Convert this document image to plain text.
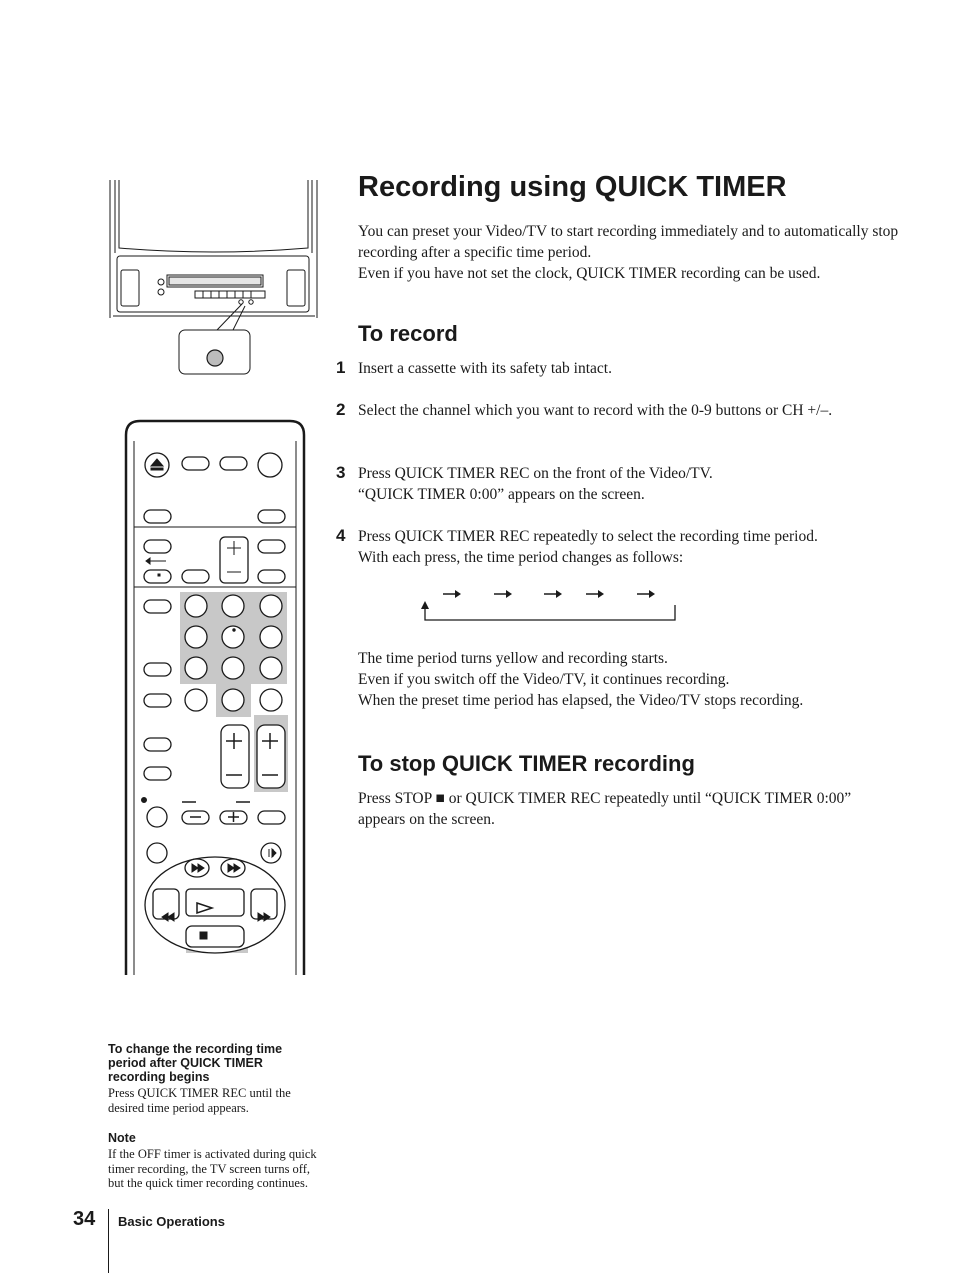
Recording using QUICK TIMER

You can preset your Video/TV to start recording immediately and to automatically stop recording after a specific time period.

Even if you have not set the clock, QUICK TIMER recording can be used.

To record
1 Insert a cassette with its safety tab intact.

2 Select the channel which you want to record with the 0-9 buttons or CH +/–.

3 Press QUICK TIMER REC on the front of the Video/TV.

“QUICK TIMER 0:00” appears on the screen.

4 Press QUICK TIMER REC repeatedly to select the recording time period.

With each press, the time period changes as follows:

The time period turns yellow and recording starts.

Even if you switch off the Video/TV, it continues recording.

When the preset time period has elapsed, the Video/TV stops recording.

To stop QUICK TIMER recording

Press STOP ■ or QUICK TIMER REC repeatedly until “QUICK TIMER 0:00” appears on the screen.

To change the recording time period after QUICK TIMER recording begins

Press QUICK TIMER REC until the desired time period appears.

Note

If the OFF timer is activated during quick timer recording, the TV screen turns off, but the quick timer recording continues.

34 Basic Operations
